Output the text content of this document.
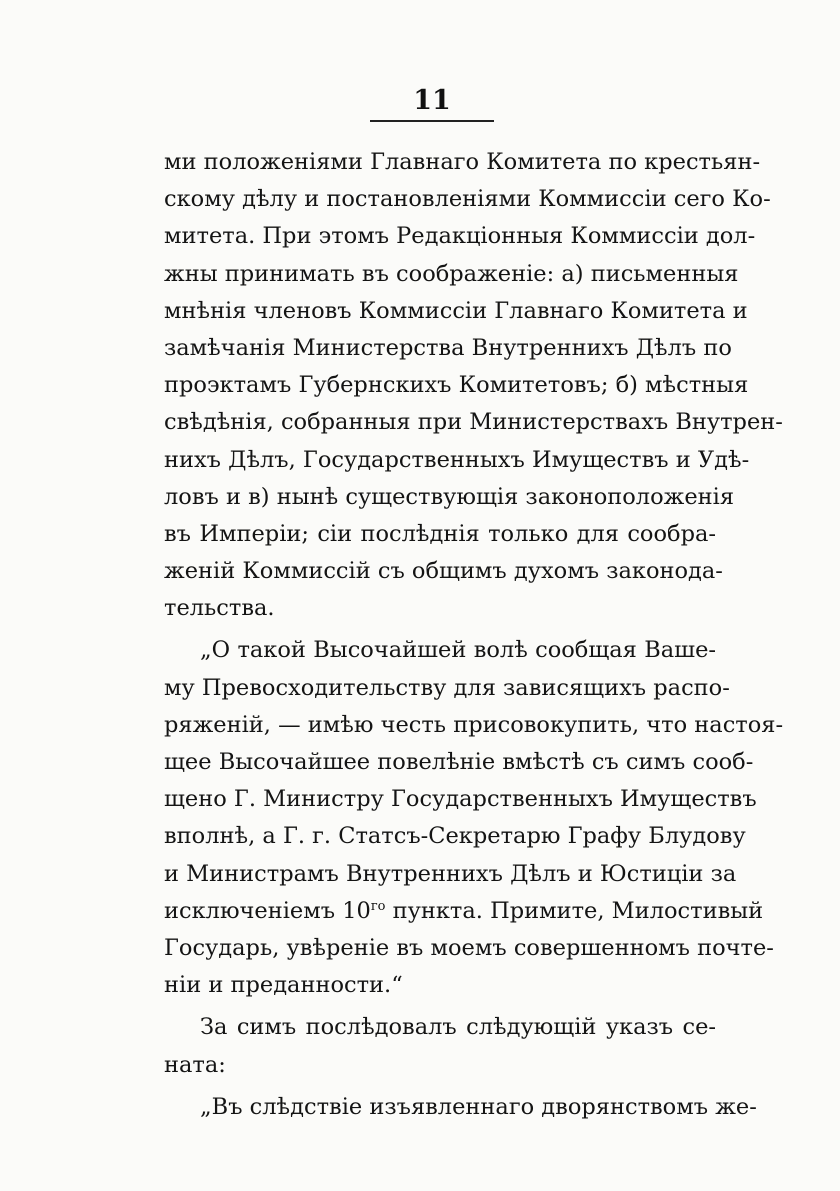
11
ми положеніями Главнаго Комитета по крестьян-
скому дѣлу и постановленіями Коммиссіи сего Ко-
митета. При этомъ Редакціонныя Коммиссіи дол-
жны принимать въ соображеніе: а) письменныя
мнѣнія членовъ Коммиссіи Главнаго Комитета и
замѣчанія Министерства Внутреннихъ Дѣлъ по
проэктамъ Губернскихъ Комитетовъ; б) мѣстныя
свѣдѣнія, собранныя при Министерствахъ Внутрен-
нихъ Дѣлъ, Государственныхъ Имуществъ и Удѣ-
ловъ и в) нынѣ существующія законоположенія
въ Имперіи; сіи послѣднія только для сообра-
женій Коммиссій съ общимъ духомъ законода-
тельства.
„О такой Высочайшей волѣ сообщая Вашe-
му Превосходительству для зависящихъ распо-
ряженій, — имѣю честь присовокупить, что настоя-
щее Высочайшее повелѣніе вмѣстѣ съ симъ сооб-
щено Г. Министру Государственныхъ Имуществъ
вполнѣ, а Г. г. Статсъ-Секретарю Графу Блудову
и Министрамъ Внутреннихъ Дѣлъ и Юстиціи за
исключеніемъ $10^{го}$ пункта. Примите, Милостивый
Государь, увѣреніе въ моемъ совершенномъ почте-
ніи и преданности.“
За симъ послѣдовалъ слѣдующій указъ се-
ната:
„Въ слѣдствіе изъявленнаго дворянствомъ же-
